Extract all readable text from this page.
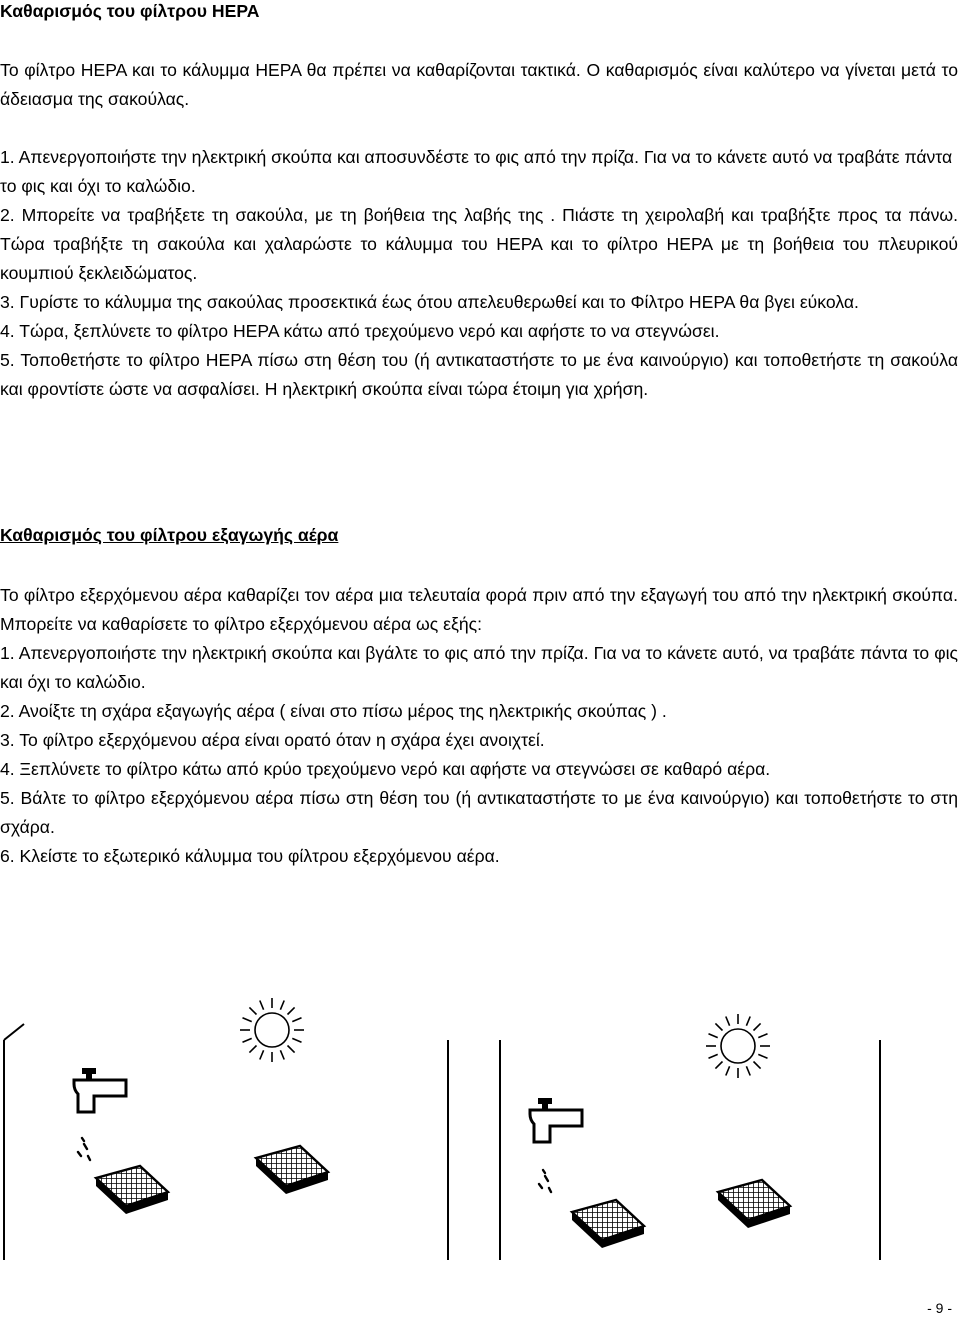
Καθαρισμός του φίλτρου HEPA

Το φίλτρο HEPA και το κάλυμμα HEPA θα πρέπει να καθαρίζονται τακτικά. Ο καθαρισμός είναι καλύτερο να γίνεται μετά το άδειασμα της σακούλας.

1. Απενεργοποιήστε την ηλεκτρική σκούπα και αποσυνδέστε το φις από την πρίζα. Για να το κάνετε αυτό να τραβάτε πάντα το φις και όχι το καλώδιο.

2. Μπορείτε να τραβήξετε τη σακούλα, με τη βοήθεια της λαβής της . Πιάστε τη χειρολαβή και τραβήξτε προς τα πάνω. Τώρα τραβήξτε τη σακούλα και χαλαρώστε το κάλυμμα του HEPA και το φίλτρο HEPA με τη βοήθεια του πλευρικού κουμπιού ξεκλειδώματος.

3. Γυρίστε το κάλυμμα της σακούλας προσεκτικά έως ότου απελευθερωθεί και το Φίλτρο HEPA θα βγει εύκολα.

4. Τώρα, ξεπλύνετε το φίλτρο HEPA κάτω από τρεχούμενο νερό και αφήστε το να στεγνώσει.

5. Τοποθετήστε το φίλτρο HEPA πίσω στη θέση του (ή αντικαταστήστε το με ένα καινούργιο) και τοποθετήστε τη σακούλα και φροντίστε ώστε να ασφαλίσει. Η ηλεκτρική σκούπα είναι τώρα έτοιμη για χρήση.

Καθαρισμός του φίλτρου εξαγωγής αέρα

Το φίλτρο εξερχόμενου αέρα καθαρίζει τον αέρα μια τελευταία φορά πριν από την εξαγωγή του από την ηλεκτρική σκούπα. Μπορείτε να καθαρίσετε το φίλτρο εξερχόμενου αέρα ως εξής:

1. Απενεργοποιήστε την ηλεκτρική σκούπα και βγάλτε το φις από την πρίζα. Για να το κάνετε αυτό, να τραβάτε πάντα το φις και όχι το καλώδιο.

2. Ανοίξτε τη σχάρα εξαγωγής αέρα ( είναι στο πίσω μέρος της ηλεκτρικής σκούπας ) .

3. Το φίλτρο εξερχόμενου αέρα είναι ορατό όταν η σχάρα έχει ανοιχτεί.

4. Ξεπλύνετε το φίλτρο κάτω από κρύο τρεχούμενο νερό και αφήστε να στεγνώσει σε καθαρό αέρα.

5. Βάλτε το φίλτρο εξερχόμενου αέρα πίσω στη θέση του (ή αντικαταστήστε το με ένα καινούργιο) και τοποθετήστε το στη σχάρα.

6. Κλείστε το εξωτερικό κάλυμμα του φίλτρου εξερχόμενου αέρα.

- 9 -
